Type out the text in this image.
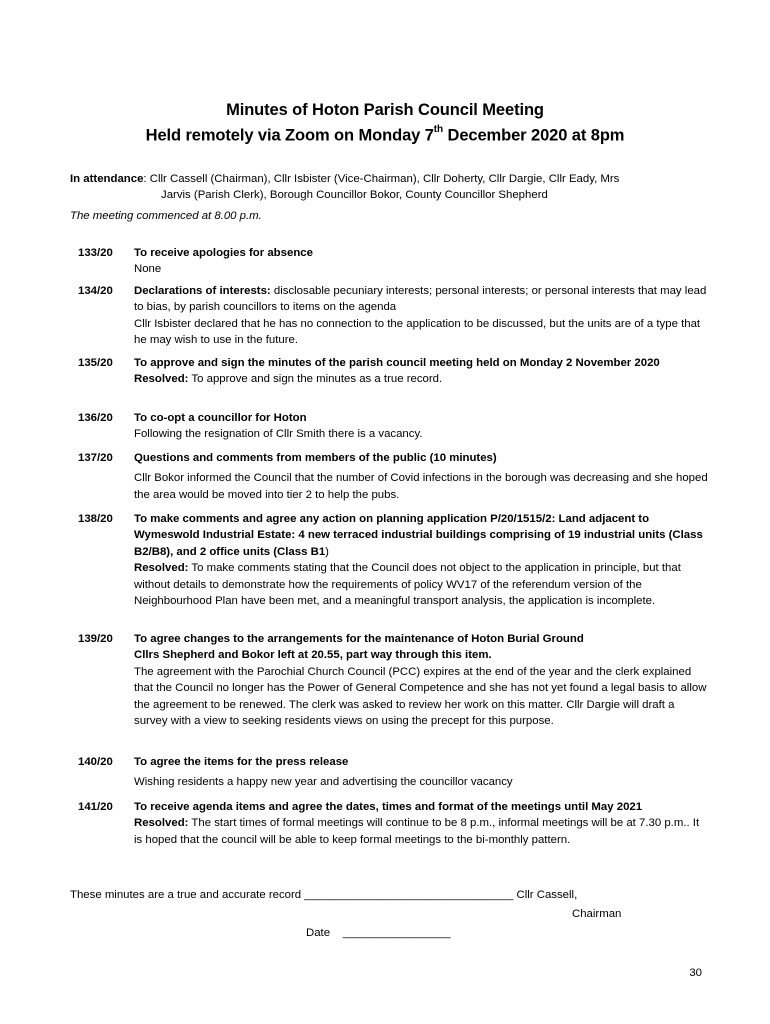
Minutes of Hoton Parish Council Meeting
Held remotely via Zoom on Monday 7th December 2020 at 8pm
In attendance: Cllr Cassell (Chairman), Cllr Isbister (Vice-Chairman), Cllr Doherty, Cllr Dargie, Cllr Eady, Mrs
Jarvis (Parish Clerk), Borough Councillor Bokor, County Councillor Shepherd
The meeting commenced at 8.00 p.m.
133/20	To receive apologies for absence
None
134/20	Declarations of interests: disclosable pecuniary interests; personal interests; or personal interests that may lead to bias, by parish councillors to items on the agenda
Cllr Isbister declared that he has no connection to the application to be discussed, but the units are of a type that he may wish to use in the future.
135/20	To approve and sign the minutes of the parish council meeting held on Monday 2 November 2020
Resolved: To approve and sign the minutes as a true record.
136/20	To co-opt a councillor for Hoton
Following the resignation of Cllr Smith there is a vacancy.
137/20	Questions and comments from members of the public (10 minutes)
Cllr Bokor informed the Council that the number of Covid infections in the borough was decreasing and she hoped the area would be moved into tier 2 to help the pubs.
138/20	To make comments and agree any action on planning application P/20/1515/2: Land adjacent to Wymeswold Industrial Estate: 4 new terraced industrial buildings comprising of 19 industrial units (Class B2/B8), and 2 office units (Class B1)
Resolved: To make comments stating that the Council does not object to the application in principle, but that without details to demonstrate how the requirements of policy WV17 of the referendum version of the Neighbourhood Plan have been met, and a meaningful transport analysis, the application is incomplete.
139/20	To agree changes to the arrangements for the maintenance of Hoton Burial Ground
Cllrs Shepherd and Bokor left at 20.55, part way through this item.
The agreement with the Parochial Church Council (PCC) expires at the end of the year and the clerk explained that the Council no longer has the Power of General Competence and she has not yet found a legal basis to allow the agreement to be renewed. The clerk was asked to review her work on this matter. Cllr Dargie will draft a survey with a view to seeking residents views on using the precept for this purpose.
140/20	To agree the items for the press release
Wishing residents a happy new year and advertising the councillor vacancy
141/20	To receive agenda items and agree the dates, times and format of the meetings until May 2021
Resolved: The start times of formal meetings will continue to be 8 p.m., informal meetings will be at 7.30 p.m.. It is hoped that the council will be able to keep formal meetings to the bi-monthly pattern.
These minutes are a true and accurate record _________________________________ Cllr Cassell,
Chairman
Date _________________
30
